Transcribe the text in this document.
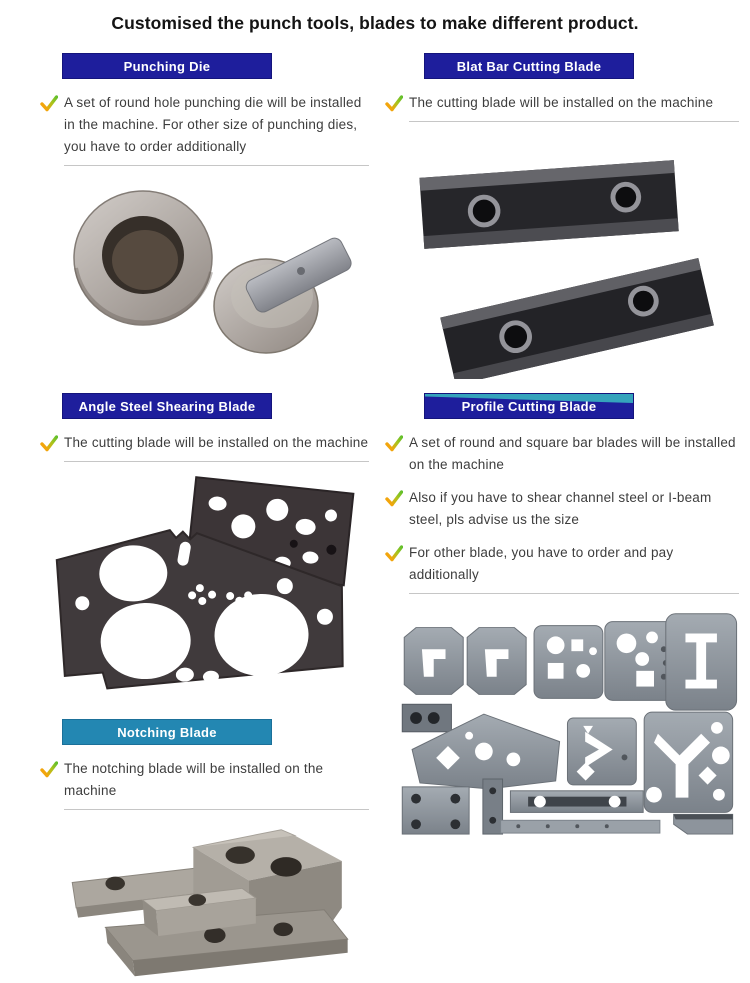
Customised the punch tools, blades to make different product.
Punching Die

A set of round hole punching die will be installed in the machine. For other size of punching dies, you have to order additionally

Angle Steel Shearing Blade

The cutting blade will be installed on the machine

Notching Blade

The notching blade will be installed on the machine

Blat Bar Cutting Blade

The cutting blade will be installed on the machine

Profile Cutting Blade

A set of round and square bar blades will be installed on the machine

Also if you have to shear channel steel or I-beam steel, pls advise us the size

For other blade, you have to order and pay additionally
